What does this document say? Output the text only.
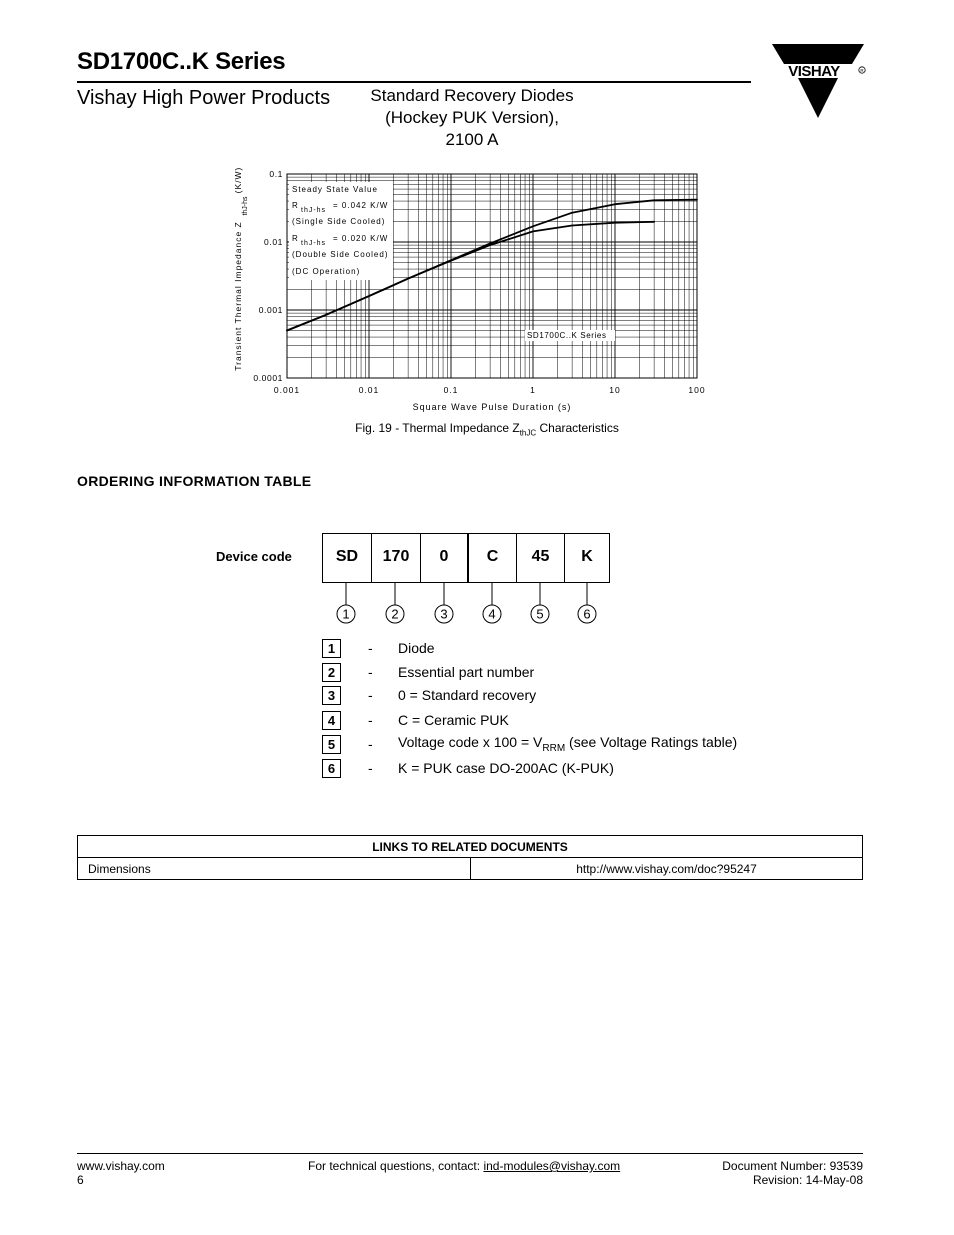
SD1700C..K Series
Vishay High Power Products	Standard Recovery Diodes
(Hockey PUK Version),
2100 A
VISHAY	R
0.001	0.01	0.1	1	10	100
0.1
0.01
0.001
0.0001
Steady State Value
R
thJ-hs
= 0.042 K/W
(Single Side Cooled)
R
thJ-hs
= 0.020 K/W
(Double Side Cooled)
(DC Operation)
SD1700C..K Series
Square Wave Pulse Duration (s)
Transient Thermal Impedance Z
thJ-hs
(K/W)
Fig. 19 - Thermal Impedance $Z_{thJC}$ Characteristics
ORDERING INFORMATION TABLE
Device code	SD	170	0	C	45	K
1	2	3	4	5	6
1	-	Diode
2	-	Essential part number
3	-	0 = Standard recovery
4	-	C = Ceramic PUK
5	-	Voltage code x $100 = V_{RRM}$ (see Voltage Ratings table)
6	-	K = PUK case DO-200AC (K-PUK)
LINKS TO RELATED DOCUMENTS
Dimensions	http://www.vishay.com/doc?95247
www.vishay.com
6
For technical questions, contact: ind-modules@vishay.com	Document Number: 93539
Revision: 14-May-08
